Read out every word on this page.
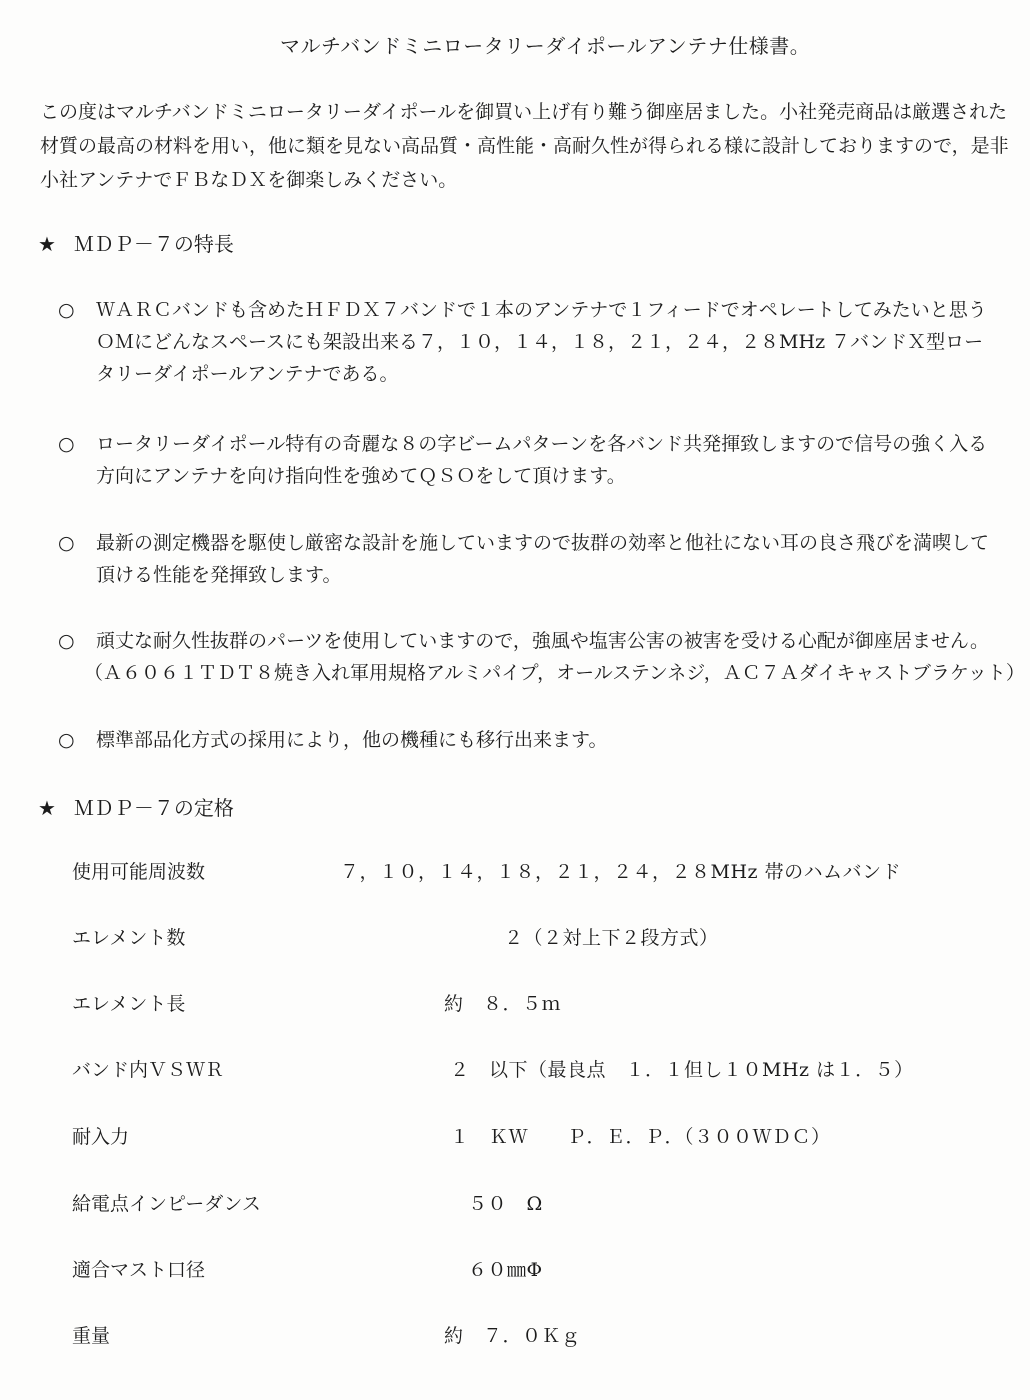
マルチバンドミニロータリーダイポールアンテナ仕様書。

この度はマルチバンドミニロータリーダイポールを御買い上げ有り難う御座居ました。小社発売商品は厳選された

材質の最高の材料を用い，他に類を見ない高品質・高性能・高耐久性が得られる様に設計しておりますので，是非

小社アンテナでＦＢなＤＸを御楽しみください。

★ ＭＤＰ－７の特長
○ ＷＡＲＣバンドも含めたＨＦＤＸ７バンドで１本のアンテナで１フィードでオペレートしてみたいと思う
ＯＭにどんなスペースにも架設出来る７，１０，１４，１８，２１，２４，２８MHz ７バンドＸ型ロー
タリーダイポールアンテナである。
○ ロータリーダイポール特有の奇麗な８の字ビームパターンを各バンド共発揮致しますので信号の強く入る
方向にアンテナを向け指向性を強めてＱＳＯをして頂けます。
○ 最新の測定機器を駆使し厳密な設計を施していますので抜群の効率と他社にない耳の良さ飛びを満喫して
頂ける性能を発揮致します。
○ 頑丈な耐久性抜群のパーツを使用していますので，強風や塩害公害の被害を受ける心配が御座居ません。
（Ａ６０６１ＴＤＴ８焼き入れ軍用規格アルミパイプ，オールステンネジ，ＡＣ７Ａダイキャストブラケット）
○ 標準部品化方式の採用により，他の機種にも移行出来ます。
★ ＭＤＰ－７の定格
使用可能周波数	７，１０，１４，１８，２１，２４，２８MHz 帯のハムバンド
エレメント数	２（２対上下２段方式）
エレメント長	約　８．５ｍ
バンド内ＶＳＷＲ	２　以下（最良点　１．１但し１０MHz は１．５）
耐入力	１　ＫＷ　　Ｐ．Ｅ．Ｐ．（３００ＷＤＣ）
給電点インピーダンス	５０　Ω
適合マスト口径	６０㎜Φ
重量	約　７．０Ｋｇ
